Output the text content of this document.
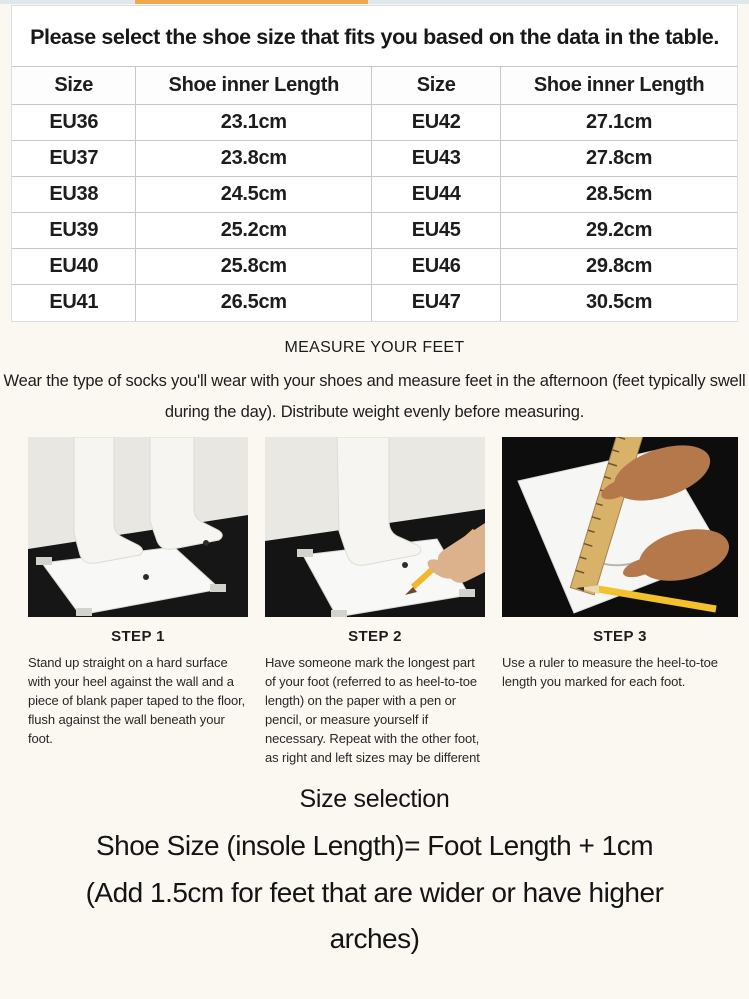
Please select the shoe size that fits you based on the data in the table.
Size	Shoe inner Length	Size	Shoe inner Length
EU36	23.1cm	EU42	27.1cm
EU37	23.8cm	EU43	27.8cm
EU38	24.5cm	EU44	28.5cm
EU39	25.2cm	EU45	29.2cm
EU40	25.8cm	EU46	29.8cm
EU41	26.5cm	EU47	30.5cm
MEASURE YOUR FEET

Wear the type of socks you'll wear with your shoes and measure feet in the afternoon (feet typically swell during the day). Distribute weight evenly before measuring.

STEP 1

Stand up straight on a hard surface with your heel against the wall and a piece of blank paper taped to the floor, flush against the wall beneath your foot.

STEP 2

Have someone mark the longest part of your foot (referred to as heel-to-toe length) on the paper with a pen or pencil, or measure yourself if necessary. Repeat with the other foot, as right and left sizes may be different

STEP 3

Use a ruler to measure the heel-to-toe length you marked for each foot.

Size selection
Shoe Size (insole Length)= Foot Length + 1cm
(Add 1.5cm for feet that are wider or have higher arches)
